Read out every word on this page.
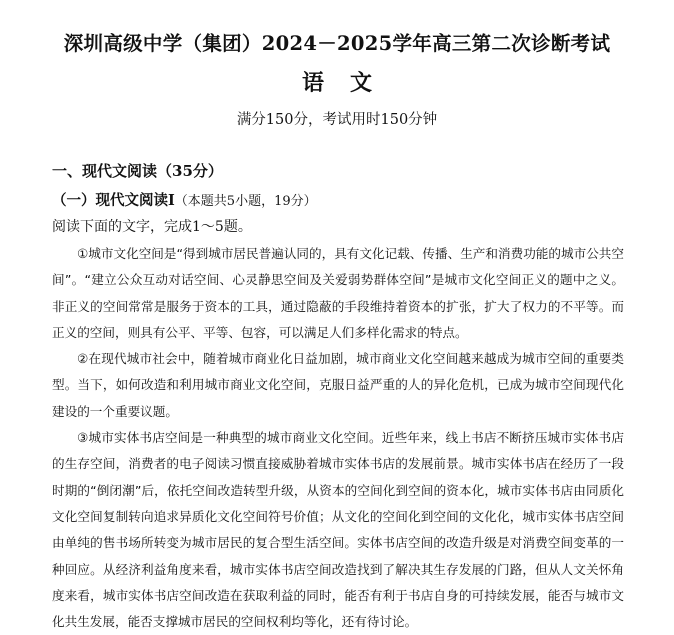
深圳高级中学（集团）2024－2025学年高三第二次诊断考试
语文
满分150分，考试用时150分钟
一、现代文阅读（35分）
（一）现代文阅读Ⅰ（本题共5小题，19分）
阅读下面的文字，完成1～5题。

①城市文化空间是“得到城市居民普遍认同的，具有文化记载、传播、生产和消费功能的城市公共空间”。“建立公众互动对话空间、心灵静思空间及关爱弱势群体空间”是城市文化空间正义的题中之义。非正义的空间常常是服务于资本的工具，通过隐蔽的手段维持着资本的扩张，扩大了权力的不平等。而正义的空间，则具有公平、平等、包容，可以满足人们多样化需求的特点。

②在现代城市社会中，随着城市商业化日益加剧，城市商业文化空间越来越成为城市空间的重要类型。当下，如何改造和利用城市商业文化空间，克服日益严重的人的异化危机，已成为城市空间现代化建设的一个重要议题。

③城市实体书店空间是一种典型的城市商业文化空间。近些年来，线上书店不断挤压城市实体书店的生存空间，消费者的电子阅读习惯直接威胁着城市实体书店的发展前景。城市实体书店在经历了一段时期的“倒闭潮”后，依托空间改造转型升级，从资本的空间化到空间的资本化，城市实体书店由同质化文化空间复制转向追求异质化文化空间符号价值；从文化的空间化到空间的文化化，城市实体书店空间由单纯的售书场所转变为城市居民的复合型生活空间。实体书店空间的改造升级是对消费空间变革的一种回应。从经济利益角度来看，城市实体书店空间改造找到了解决其生存发展的门路，但从人文关怀角度来看，城市实体书店空间改造在获取利益的同时，能否有利于书店自身的可持续发展，能否与城市文化共生发展，能否支撑城市居民的空间权利均等化，还有待讨论。
